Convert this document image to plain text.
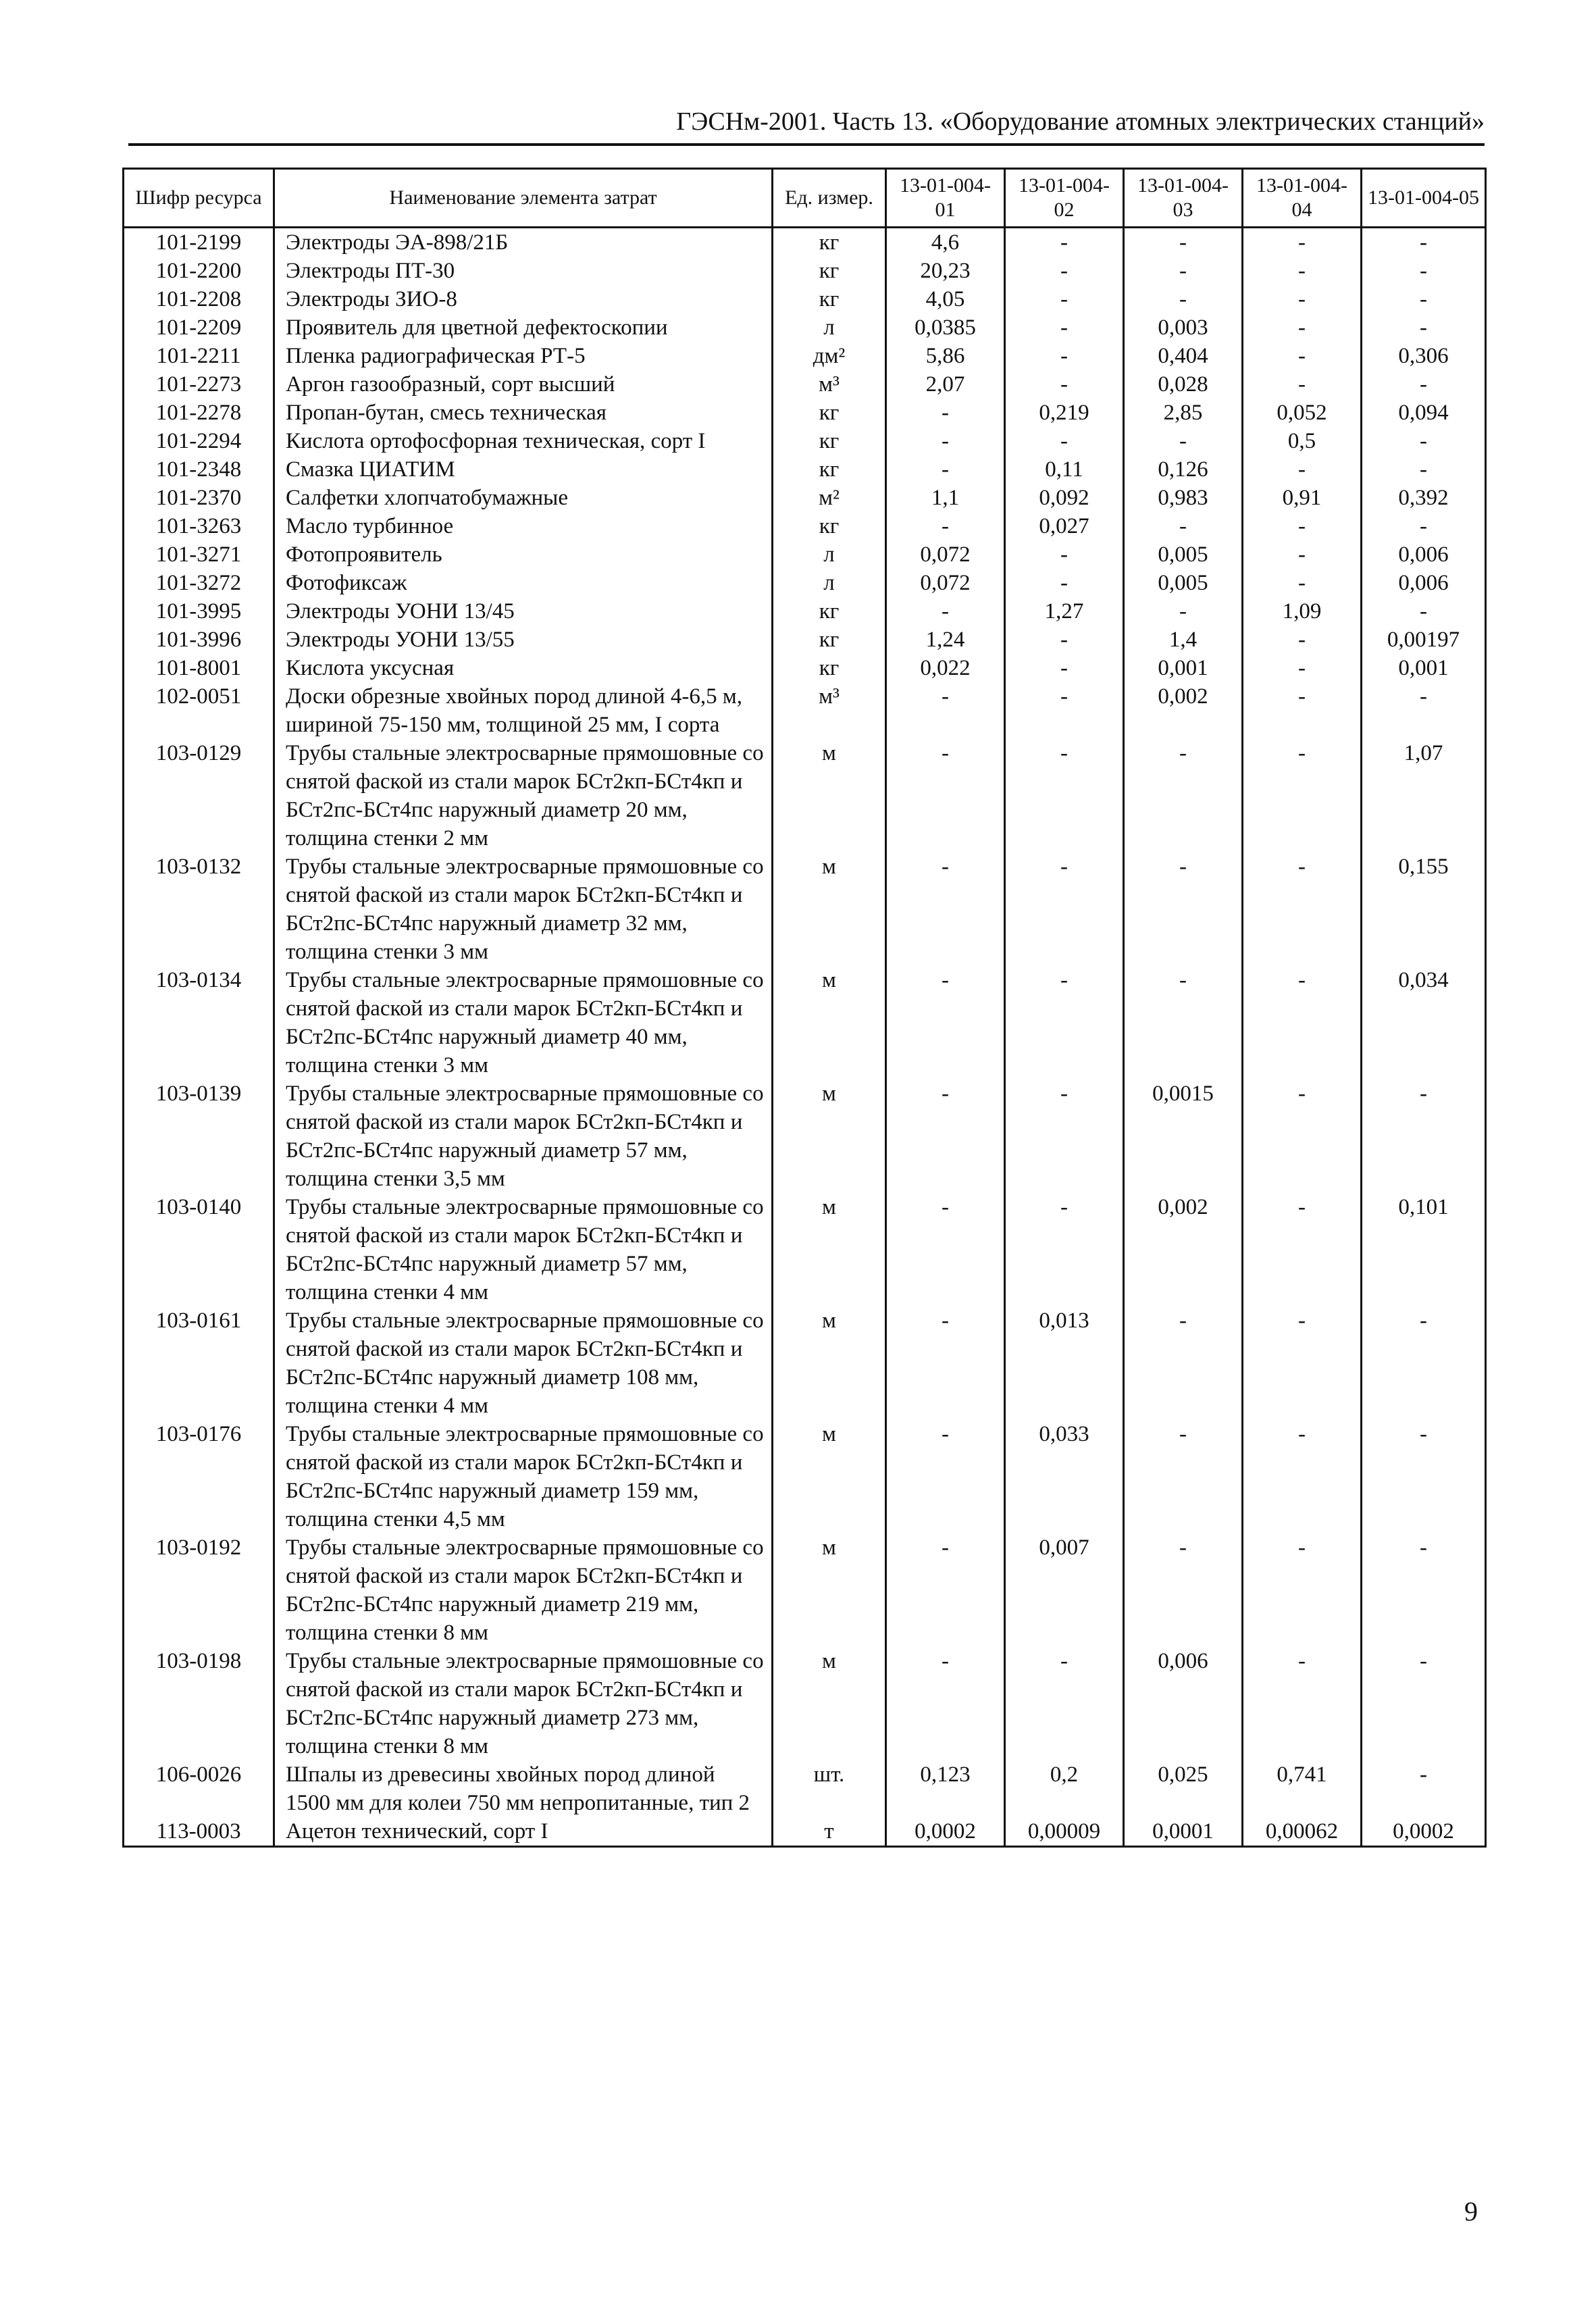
ГЭСНм-2001. Часть 13. «Оборудование атомных электрических станций»
Шифр ресурса	Наименование элемента затрат	Ед. измер.	13-01-004-01	13-01-004-02	13-01-004-03	13-01-004-04	13-01-004-05
101-2199	Электроды ЭА-898/21Б	кг	4,6	-	-	-	-
101-2200	Электроды ПТ-30	кг	20,23	-	-	-	-
101-2208	Электроды ЗИО-8	кг	4,05	-	-	-	-
101-2209	Проявитель для цветной дефектоскопии	л	0,0385	-	0,003	-	-
101-2211	Пленка радиографическая РТ-5	дм²	5,86	-	0,404	-	0,306
101-2273	Аргон газообразный, сорт высший	м³	2,07	-	0,028	-	-
101-2278	Пропан-бутан, смесь техническая	кг	-	0,219	2,85	0,052	0,094
101-2294	Кислота ортофосфорная техническая, сорт I	кг	-	-	-	0,5	-
101-2348	Смазка ЦИАТИМ	кг	-	0,11	0,126	-	-
101-2370	Салфетки хлопчатобумажные	м²	1,1	0,092	0,983	0,91	0,392
101-3263	Масло турбинное	кг	-	0,027	-	-	-
101-3271	Фотопроявитель	л	0,072	-	0,005	-	0,006
101-3272	Фотофиксаж	л	0,072	-	0,005	-	0,006
101-3995	Электроды УОНИ 13/45	кг	-	1,27	-	1,09	-
101-3996	Электроды УОНИ 13/55	кг	1,24	-	1,4	-	0,00197
101-8001	Кислота уксусная	кг	0,022	-	0,001	-	0,001
102-0051	Доски обрезные хвойных пород длиной 4-6,5 м, шириной 75-150 мм, толщиной 25 мм, I сорта	м³	-	-	0,002	-	-
103-0129	Трубы стальные электросварные прямошовные со снятой фаской из стали марок БСт2кп-БСт4кп и БСт2пс-БСт4пс наружный диаметр 20 мм, толщина стенки 2 мм	м	-	-	-	-	1,07
103-0132	Трубы стальные электросварные прямошовные со снятой фаской из стали марок БСт2кп-БСт4кп и БСт2пс-БСт4пс наружный диаметр 32 мм, толщина стенки 3 мм	м	-	-	-	-	0,155
103-0134	Трубы стальные электросварные прямошовные со снятой фаской из стали марок БСт2кп-БСт4кп и БСт2пс-БСт4пс наружный диаметр 40 мм, толщина стенки 3 мм	м	-	-	-	-	0,034
103-0139	Трубы стальные электросварные прямошовные со снятой фаской из стали марок БСт2кп-БСт4кп и БСт2пс-БСт4пс наружный диаметр 57 мм, толщина стенки 3,5 мм	м	-	-	0,0015	-	-
103-0140	Трубы стальные электросварные прямошовные со снятой фаской из стали марок БСт2кп-БСт4кп и БСт2пс-БСт4пс наружный диаметр 57 мм, толщина стенки 4 мм	м	-	-	0,002	-	0,101
103-0161	Трубы стальные электросварные прямошовные со снятой фаской из стали марок БСт2кп-БСт4кп и БСт2пс-БСт4пс наружный диаметр 108 мм, толщина стенки 4 мм	м	-	0,013	-	-	-
103-0176	Трубы стальные электросварные прямошовные со снятой фаской из стали марок БСт2кп-БСт4кп и БСт2пс-БСт4пс наружный диаметр 159 мм, толщина стенки 4,5 мм	м	-	0,033	-	-	-
103-0192	Трубы стальные электросварные прямошовные со снятой фаской из стали марок БСт2кп-БСт4кп и БСт2пс-БСт4пс наружный диаметр 219 мм, толщина стенки 8 мм	м	-	0,007	-	-	-
103-0198	Трубы стальные электросварные прямошовные со снятой фаской из стали марок БСт2кп-БСт4кп и БСт2пс-БСт4пс наружный диаметр 273 мм, толщина стенки 8 мм	м	-	-	0,006	-	-
106-0026	Шпалы из древесины хвойных пород длиной 1500 мм для колеи 750 мм непропитанные, тип 2	шт.	0,123	0,2	0,025	0,741	-
113-0003	Ацетон технический, сорт I	т	0,0002	0,00009	0,0001	0,00062	0,0002
9
